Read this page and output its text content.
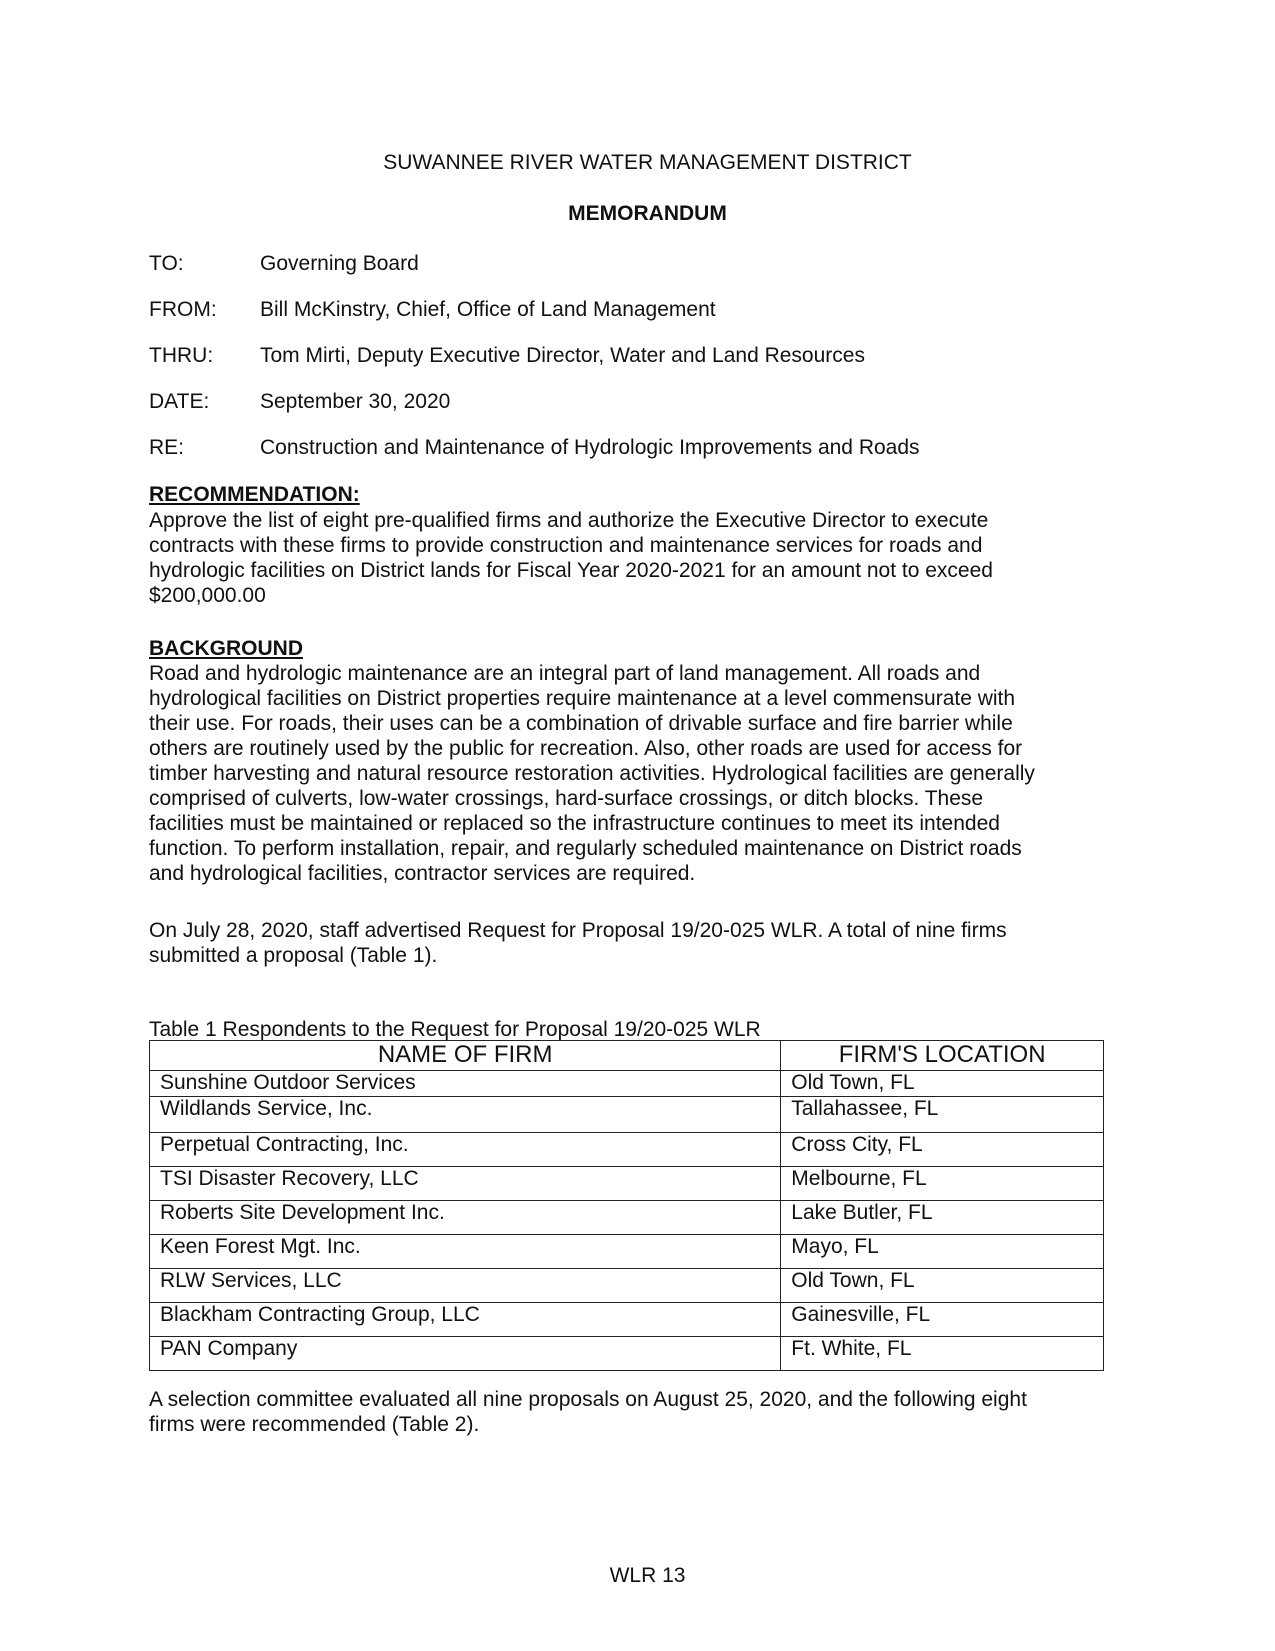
SUWANNEE RIVER WATER MANAGEMENT DISTRICT
MEMORANDUM
TO:	Governing Board
FROM: Bill McKinstry, Chief, Office of Land Management
THRU: Tom Mirti, Deputy Executive Director, Water and Land Resources
DATE: September 30, 2020
RE:	Construction and Maintenance of Hydrologic Improvements and Roads
RECOMMENDATION:

Approve the list of eight pre-qualified firms and authorize the Executive Director to execute
contracts with these firms to provide construction and maintenance services for roads and
hydrologic facilities on District lands for Fiscal Year 2020-2021 for an amount not to exceed
$200,000.00

BACKGROUND

Road and hydrologic maintenance are an integral part of land management. All roads and
hydrological facilities on District properties require maintenance at a level commensurate with
their use. For roads, their uses can be a combination of drivable surface and fire barrier while
others are routinely used by the public for recreation. Also, other roads are used for access for
timber harvesting and natural resource restoration activities. Hydrological facilities are generally
comprised of culverts, low-water crossings, hard-surface crossings, or ditch blocks. These
facilities must be maintained or replaced so the infrastructure continues to meet its intended
function. To perform installation, repair, and regularly scheduled maintenance on District roads
and hydrological facilities, contractor services are required.

On July 28, 2020, staff advertised Request for Proposal 19/20-025 WLR. A total of nine firms
submitted a proposal (Table 1).

Table 1 Respondents to the Request for Proposal 19/20-025 WLR
NAME OF FIRM	FIRM'S LOCATION
Sunshine Outdoor Services	Old Town, FL
Wildlands Service, Inc.	Tallahassee, FL
Perpetual Contracting, Inc.	Cross City, FL
TSI Disaster Recovery, LLC	Melbourne, FL
Roberts Site Development Inc.	Lake Butler, FL
Keen Forest Mgt. Inc.	Mayo, FL
RLW Services, LLC	Old Town, FL
Blackham Contracting Group, LLC	Gainesville, FL
PAN Company	Ft. White, FL

A selection committee evaluated all nine proposals on August 25, 2020, and the following eight
firms were recommended (Table 2).

WLR 13
